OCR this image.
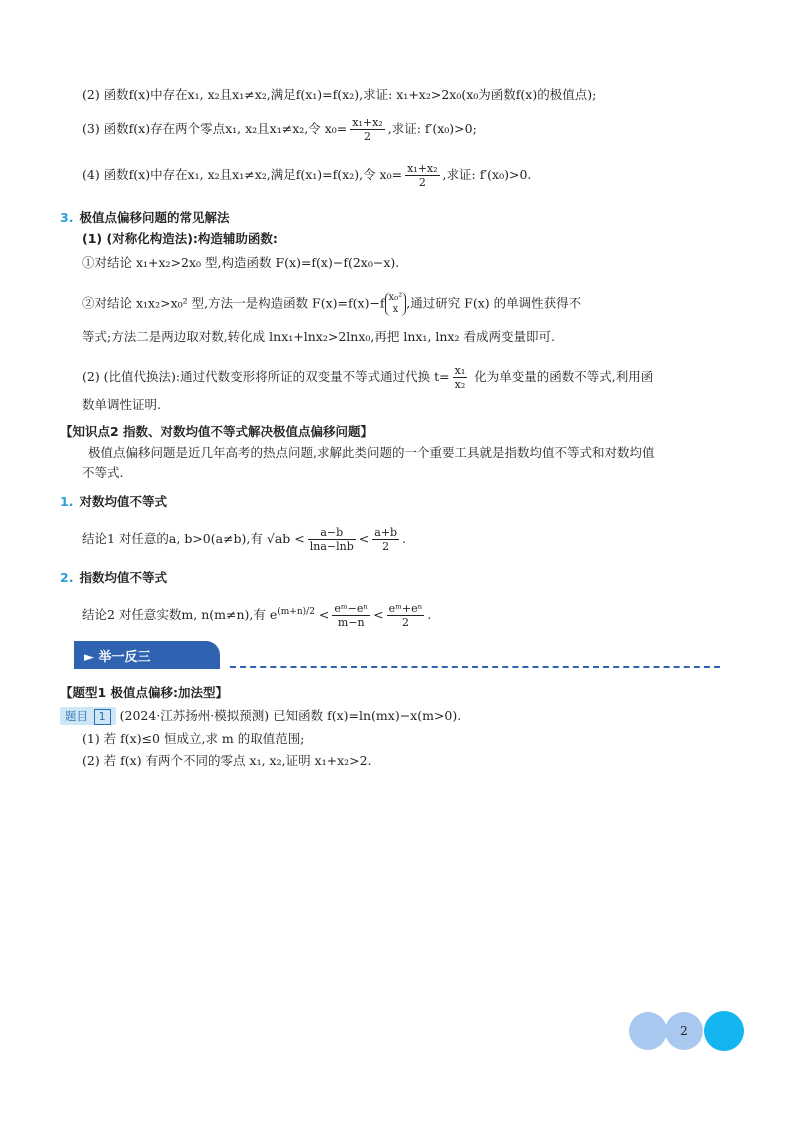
(2) 函数f(x)中存在x₁, x₂且x₁≠x₂,满足f(x₁)=f(x₂),求证: x₁+x₂>2x₀(x₀为函数f(x)的极值点);
(3) 函数f(x)存在两个零点x₁, x₂且x₁≠x₂,令 $x_0= \frac{\text{x₁+x₂}}{2}$ ,求证: f′(x₀)>0;
(4) 函数f(x)中存在x₁, x₂且x₁≠x₂,满足f(x₁)=f(x₂),令 $x_0= \frac{\text{x₁+x₂}}{2}$ ,求证: f′(x₀)>0.
3. 极值点偏移问题的常见解法
(1) (对称化构造法):构造辅助函数:
①对结论 x₁+x₂>2x₀ 型,构造函数 F(x)=f(x)−f(2x₀−x).
②对结论 x₁x₂>x₀² 型,方法一是构造函数 F(x)=f(x)−f x₀²
x ,通过研究 F(x) 的单调性获得不
等式;方法二是两边取对数,转化成 lnx₁+lnx₂>2lnx₀,再把 lnx₁, lnx₂ 看成两变量即可.
(2) (比值代换法):通过代数变形将所证的双变量不等式通过代换 $t= \frac{\text{x₁}}{\text{x₂}}$ 化为单变量的函数不等式,利用函
数单调性证明.
【知识点2 指数、对数均值不等式解决极值点偏移问题】
极值点偏移问题是近几年高考的热点问题,求解此类问题的一个重要工具就是指数均值不等式和对数均值
不等式.
1. 对数均值不等式
结论1 对任意的a, b>0(a≠b),有 $√ab < \frac{a-b}{\ln a-\ln b} < \frac{a+b}{2}$ .
2. 指数均值不等式
结论2 对任意实数m, n(m≠n),有 $e^{(m+n)/2} < \frac{\text{eᵐ−eⁿ}}{m-n} < \frac{\text{eᵐ+eⁿ}}{2}$ .
► 举一反三
【题型1 极值点偏移:加法型】
题目 1 (2024·江苏扬州·模拟预测) 已知函数 f(x)=ln(mx)−x(m>0).
(1) 若 f(x)≤0 恒成立,求 m 的取值范围;
(2) 若 f(x) 有两个不同的零点 x₁, x₂,证明 x₁+x₂>2.
2
